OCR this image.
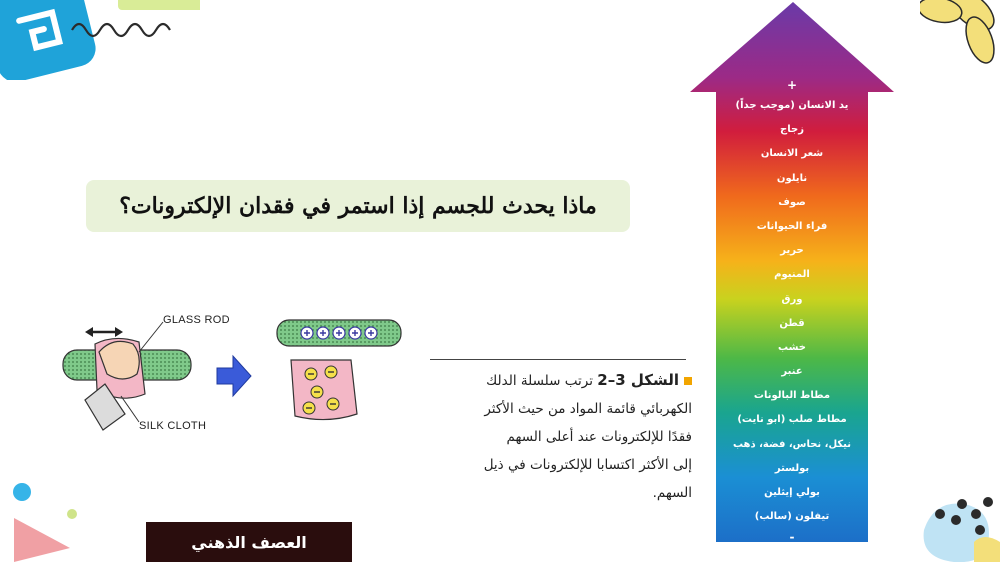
ماذا يحدث للجسم إذا استمر في فقدان الإلكترونات؟
GLASS ROD
SILK CLOTH

الشكل 3–2 ترتب سلسلة الدلك

الكهربائي قائمة المواد من حيث الأكثر

فقدًا للإلكترونات عند أعلى السهم

إلى الأكثر اكتسابا للإلكترونات في ذيل

السهم.

العصف الذهني
+
يد الانسان (موجب جداً)
زجاج
شعر الانسان
نايلون
صوف
فراء الحيوانات
حرير
المنيوم
ورق
قطن
خشب
عنبر
مطاط البالونات
مطاط صلب (ابو نايت)
نيكل، نحاس، فضة، ذهب
بولستر
بولي إيثلين
تيفلون (سالب)
-
